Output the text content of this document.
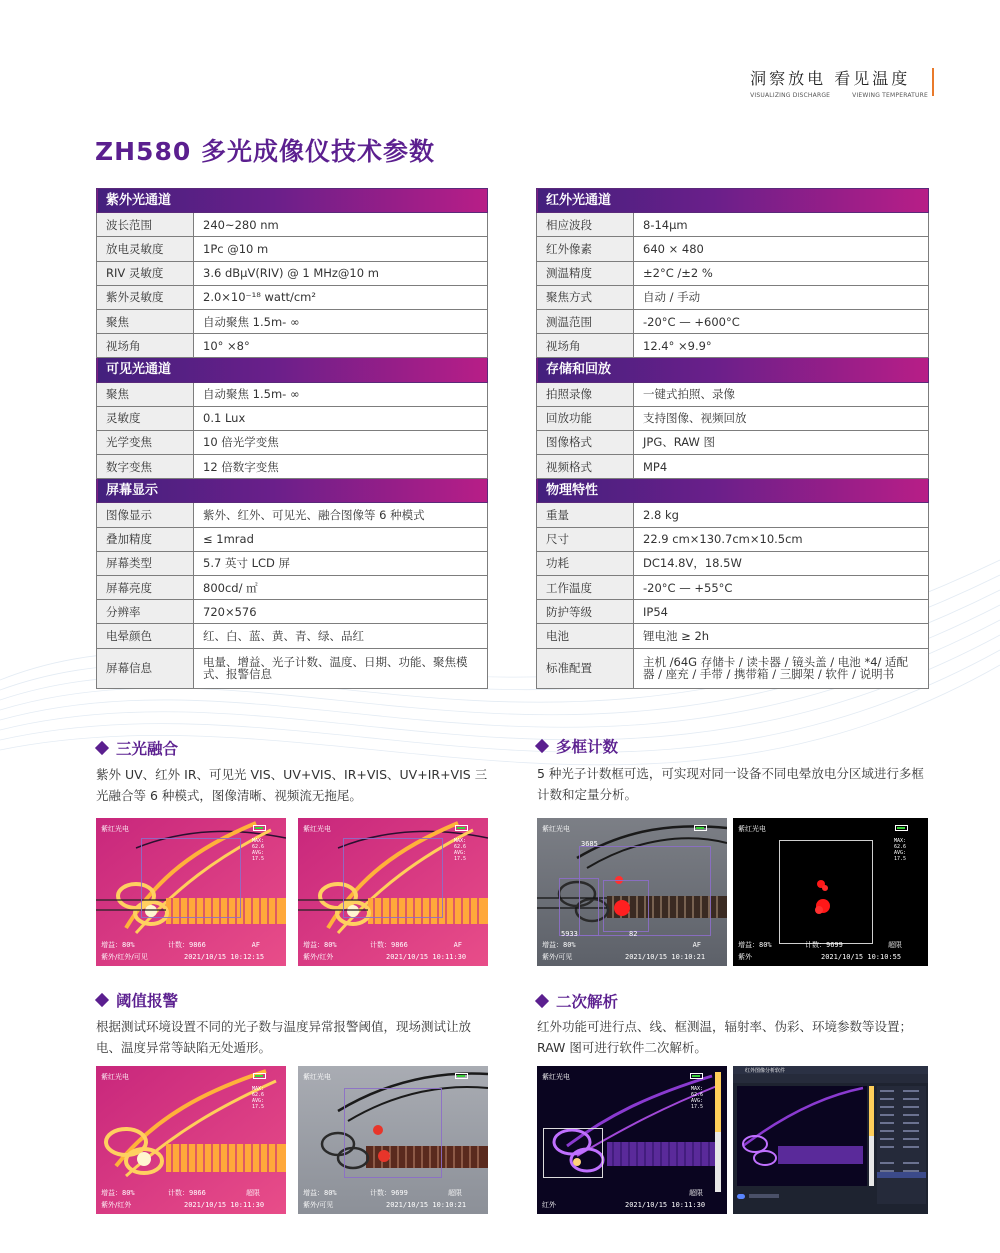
洞察放电 看见温度
VISUALIZING DISCHARGE	VIEWING TEMPERATURE
ZH580 多光成像仪技术参数
紫外光通道	
波长范围	240~280 nm
放电灵敏度	1Pc @10 m
RIV 灵敏度	3.6 dBµV(RIV) @ 1 MHz@10 m
紫外灵敏度	2.0×10⁻¹⁸ watt/cm²
聚焦	自动聚焦 1.5m- ∞
视场角	10° ×8°
可见光通道	
聚焦	自动聚焦 1.5m- ∞
灵敏度	0.1 Lux
光学变焦	10 倍光学变焦
数字变焦	12 倍数字变焦
屏幕显示	
图像显示	紫外、红外、可见光、融合图像等 6 种模式
叠加精度	≤ 1mrad
屏幕类型	5.7 英寸 LCD 屏
屏幕亮度	800cd/ ㎡
分辨率	720×576
电晕颜色	红、白、蓝、黄、青、绿、品红
屏幕信息	电量、增益、光子计数、温度、日期、功能、聚焦模式、报警信息
红外光通道	
相应波段	8-14µm
红外像素	640 × 480
测温精度	±2°C /±2 %
聚焦方式	自动 / 手动
测温范围	-20°C — +600°C
视场角	12.4° ×9.9°
存储和回放	
拍照录像	一键式拍照、录像
回放功能	支持图像、视频回放
图像格式	JPG、RAW 图
视频格式	MP4
物理特性	
重量	2.8 kg
尺寸	22.9 cm×130.7cm×10.5cm
功耗	DC14.8V，18.5W
工作温度	-20°C — +55°C
防护等级	IP54
电池	锂电池 ≥ 2h
标准配置	主机 /64G 存储卡 / 读卡器 / 镜头盖 / 电池 *4/ 适配器 / 座充 / 手带 / 携带箱 / 三脚架 / 软件 / 说明书
三光融合
紫外 UV、红外 IR、可见光 VIS、UV+VIS、IR+VIS、UV+IR+VIS 三光融合等 6 种模式，图像清晰、视频流无拖尾。
多框计数
5 种光子计数框可选，可实现对同一设备不同电晕放电分区域进行多框计数和定量分析。
阈值报警
根据测试环境设置不同的光子数与温度异常报警阈值，现场测试让放电、温度异常等缺陷无处遁形。
二次解析
红外功能可进行点、线、框测温，辐射率、伪彩、环境参数等设置；RAW 图可进行软件二次解析。
紫红光电
MAX:
62.6
AVG:
17.5
增益：80%	计数：9866	AF
紫外/红外/可见	2021/10/15 10:12:15
紫红光电
MAX:
62.6
AVG:
17.5
增益：80%	计数：9866	AF
紫外/红外	2021/10/15 10:11:30
3685
82
5933
紫红光电
增益：80%	AF
紫外/可见	2021/10/15 10:10:21
紫红光电
MAX:
62.6
AVG:
17.5
增益：80%	计数：9699	超限
紫外	2021/10/15 10:10:55
紫红光电
MAX:
62.6
AVG:
17.5
增益：80%	计数：9866	超限
紫外/红外	2021/10/15 10:11:30
紫红光电
增益：80%	计数：9699	超限
紫外/可见	2021/10/15 10:10:21
紫红光电
MAX:
62.6
AVG:
17.5
超限
红外	2021/10/15 10:11:30
红外图像分析软件
